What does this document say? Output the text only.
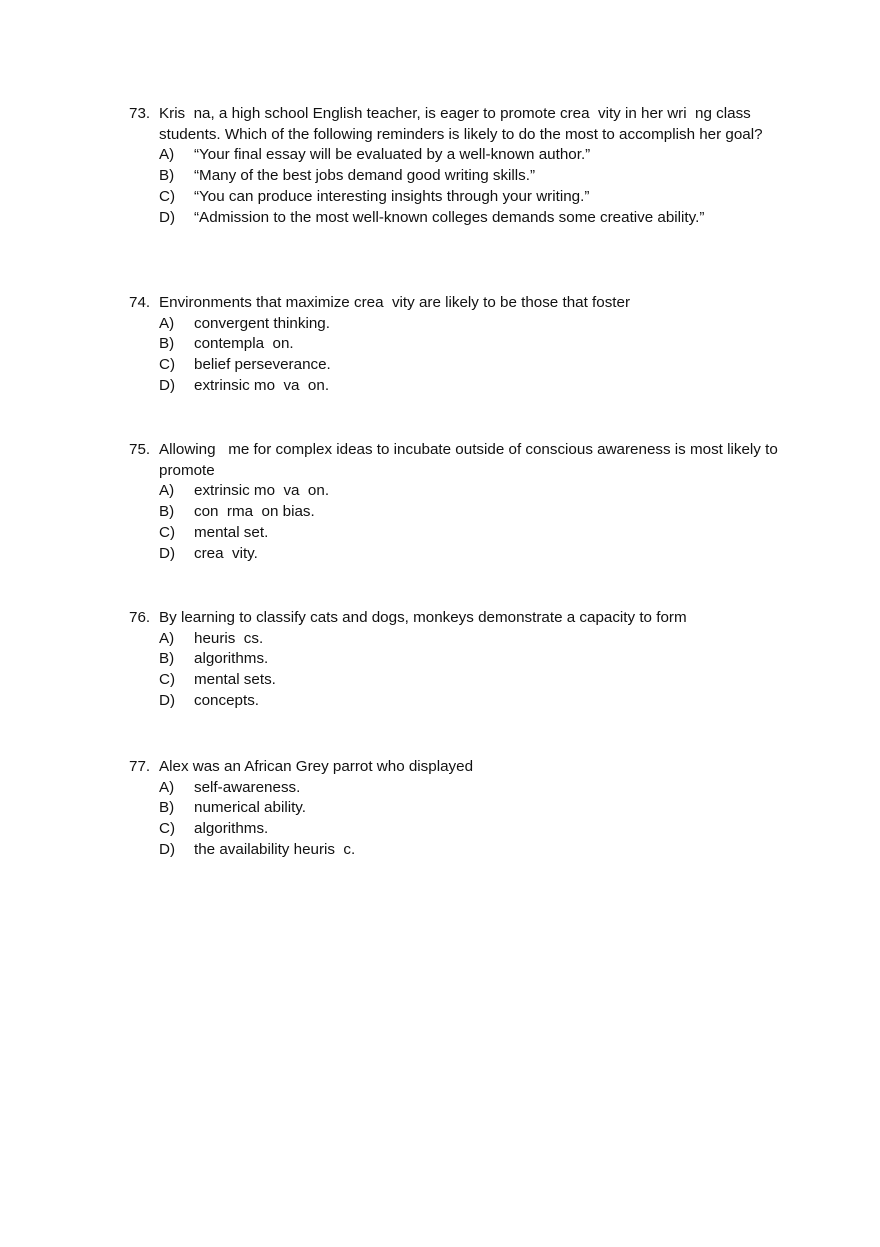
73. Kris  na, a high school English teacher, is eager to promote crea  vity in her wri  ng class students. Which of the following reminders is likely to do the most to accomplish her goal?
A)	“Your final essay will be evaluated by a well-known author.”
B)	“Many of the best jobs demand good writing skills.”
C)	“You can produce interesting insights through your writing.”
D)	“Admission to the most well-known colleges demands some creative ability.”
74. Environments that maximize crea  vity are likely to be those that foster
A)	convergent thinking.
B)	contempla  on.
C)	belief perseverance.
D)	extrinsic mo  va  on.
75. Allowing   me for complex ideas to incubate outside of conscious awareness is most likely to promote
A)	extrinsic mo  va  on.
B)	con  rma  on bias.
C)	mental set.
D)	crea  vity.
76. By learning to classify cats and dogs, monkeys demonstrate a capacity to form
A)	heuris  cs.
B)	algorithms.
C)	mental sets.
D)	concepts.
77. Alex was an African Grey parrot who displayed
A)	self-awareness.
B)	numerical ability.
C)	algorithms.
D)	the availability heuris  c.
